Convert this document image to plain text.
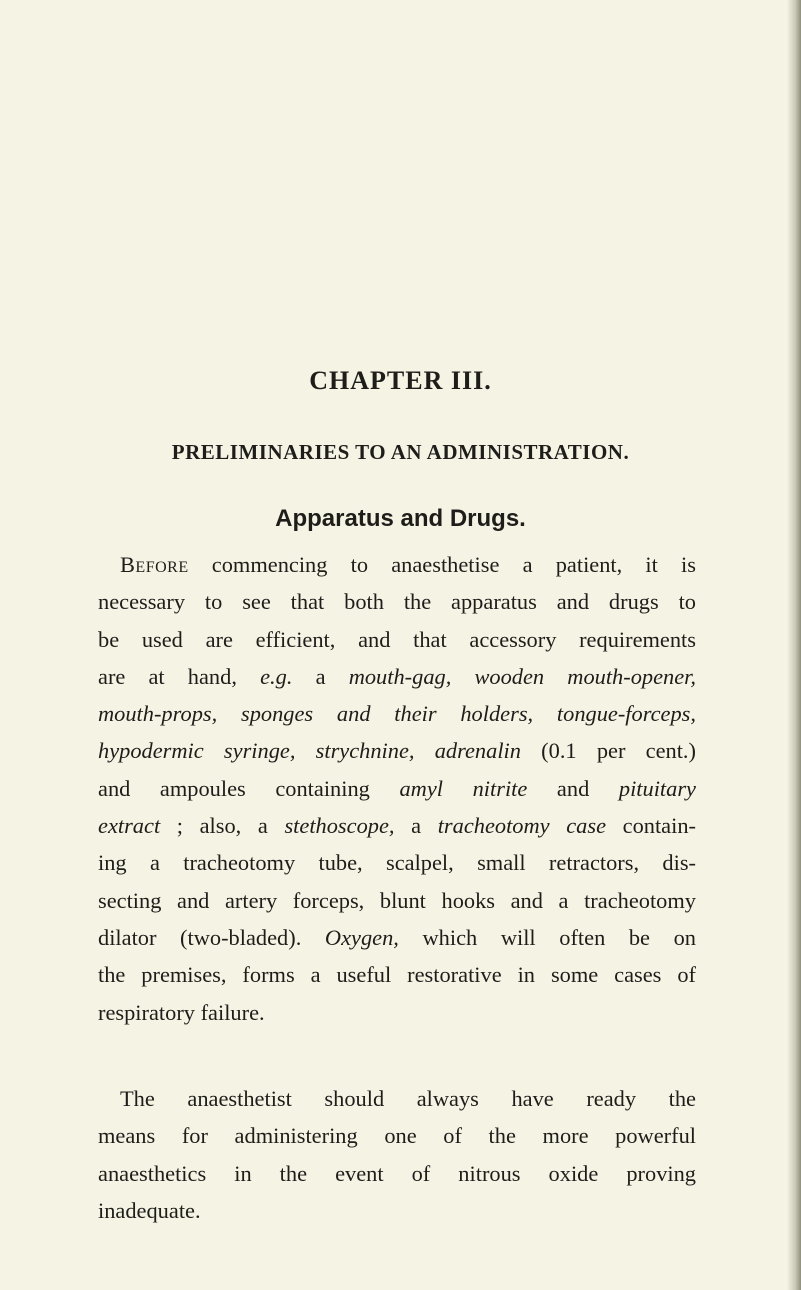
CHAPTER III.
PRELIMINARIES TO AN ADMINISTRATION.
Apparatus and Drugs.
Before commencing to anaesthetise a patient, it is
necessary to see that both the apparatus and drugs to
be used are efficient, and that accessory requirements
are at hand, e.g. a mouth-gag, wooden mouth-opener,
mouth-props, sponges and their holders, tongue-forceps,
hypodermic syringe, strychnine, adrenalin (0.1 per cent.)
and ampoules containing amyl nitrite and pituitary
extract ; also, a stethoscope, a tracheotomy case contain-
ing a tracheotomy tube, scalpel, small retractors, dis-
secting and artery forceps, blunt hooks and a tracheotomy
dilator (two-bladed). Oxygen, which will often be on
the premises, forms a useful restorative in some cases of
respiratory failure.
The anaesthetist should always have ready the
means for administering one of the more powerful
anaesthetics in the event of nitrous oxide proving
inadequate.
